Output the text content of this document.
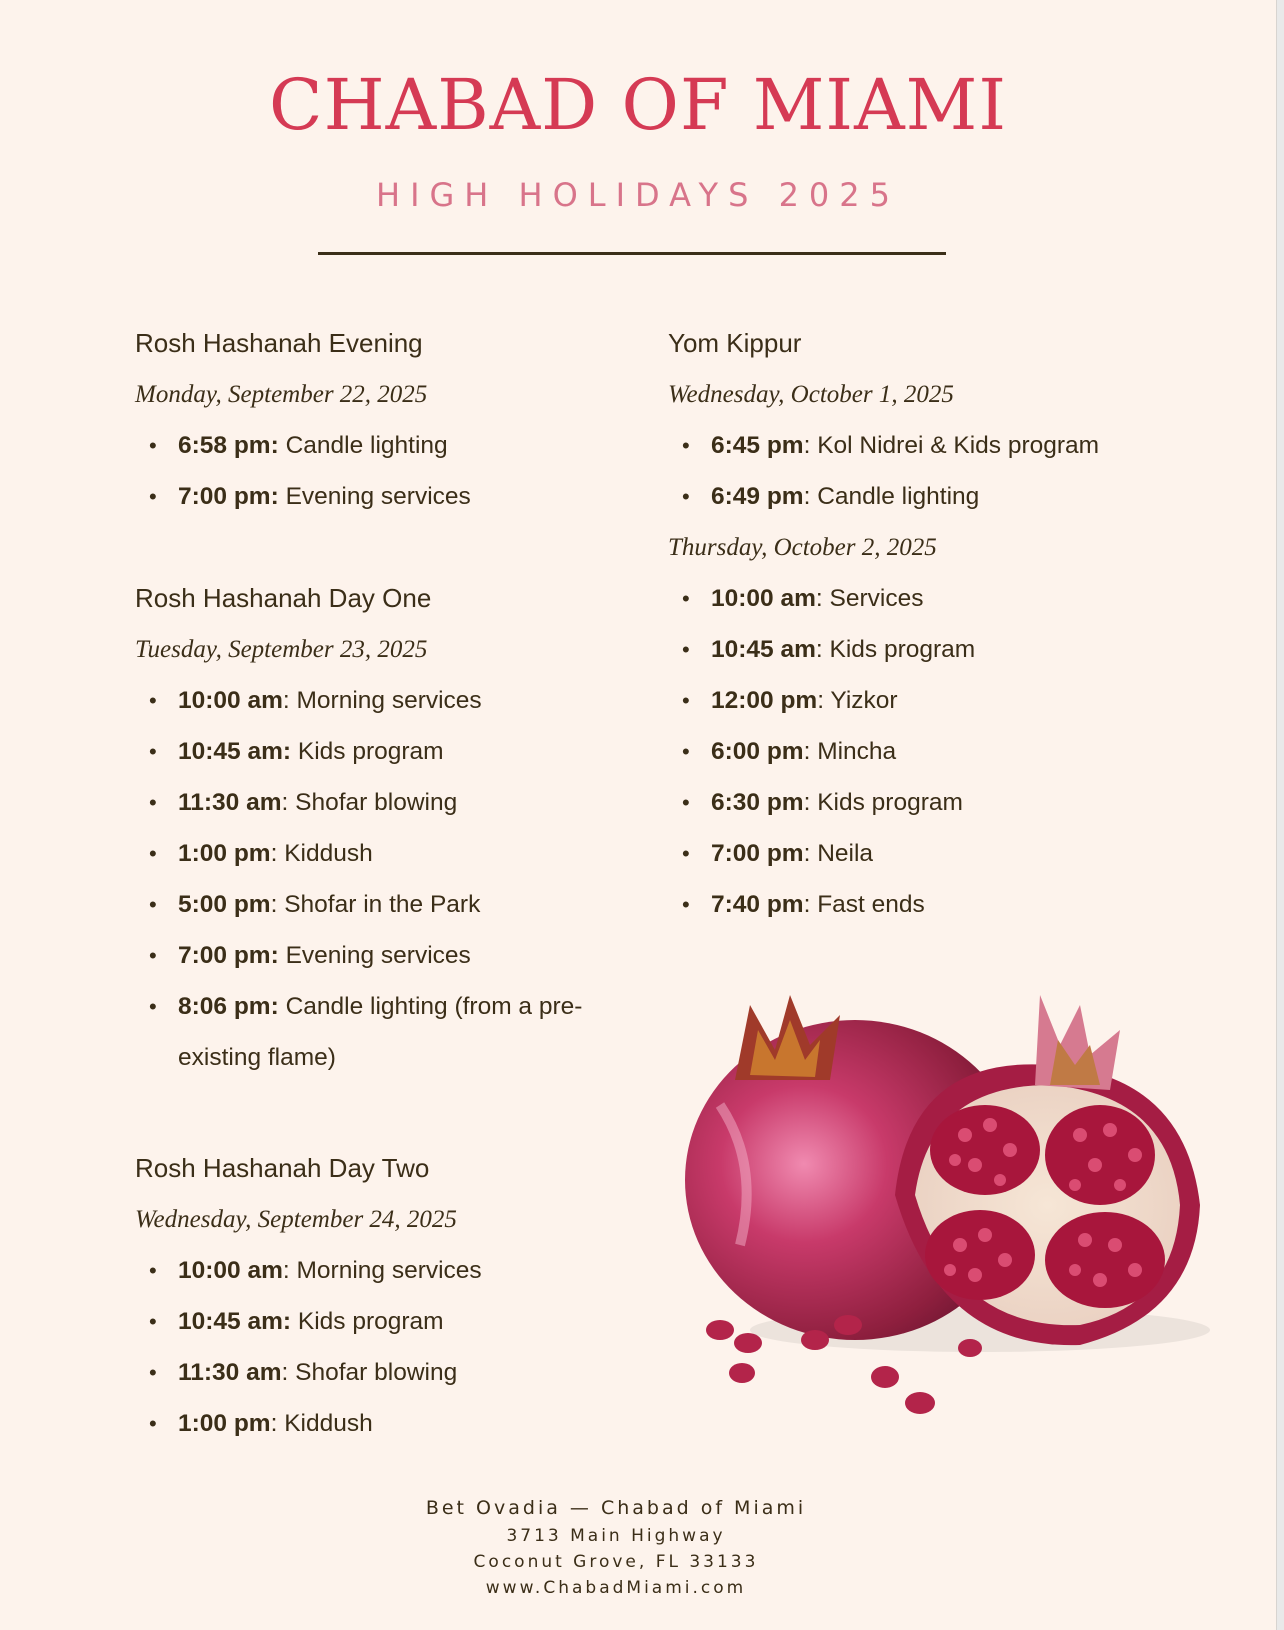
CHABAD OF MIAMI
HIGH HOLIDAYS 2025
Rosh Hashanah Evening
Monday, September 22, 2025
• 6:58 pm: Candle lighting
• 7:00 pm: Evening services
Rosh Hashanah Day One
Tuesday, September 23, 2025
• 10:00 am: Morning services
• 10:45 am: Kids program
• 11:30 am: Shofar blowing
• 1:00 pm: Kiddush
• 5:00 pm: Shofar in the Park
• 7:00 pm: Evening services
• 8:06 pm: Candle lighting (from a pre-existing flame)
Rosh Hashanah Day Two
Wednesday, September 24, 2025
• 10:00 am: Morning services
• 10:45 am: Kids program
• 11:30 am: Shofar blowing
• 1:00 pm: Kiddush
Yom Kippur
Wednesday, October 1, 2025
• 6:45 pm: Kol Nidrei & Kids program
• 6:49 pm: Candle lighting
Thursday, October 2, 2025
• 10:00 am: Services
• 10:45 am: Kids program
• 12:00 pm: Yizkor
• 6:00 pm: Mincha
• 6:30 pm: Kids program
• 7:00 pm: Neila
• 7:40 pm: Fast ends
Bet Ovadia — Chabad of Miami
3713 Main Highway
Coconut Grove, FL 33133
www.ChabadMiami.com
